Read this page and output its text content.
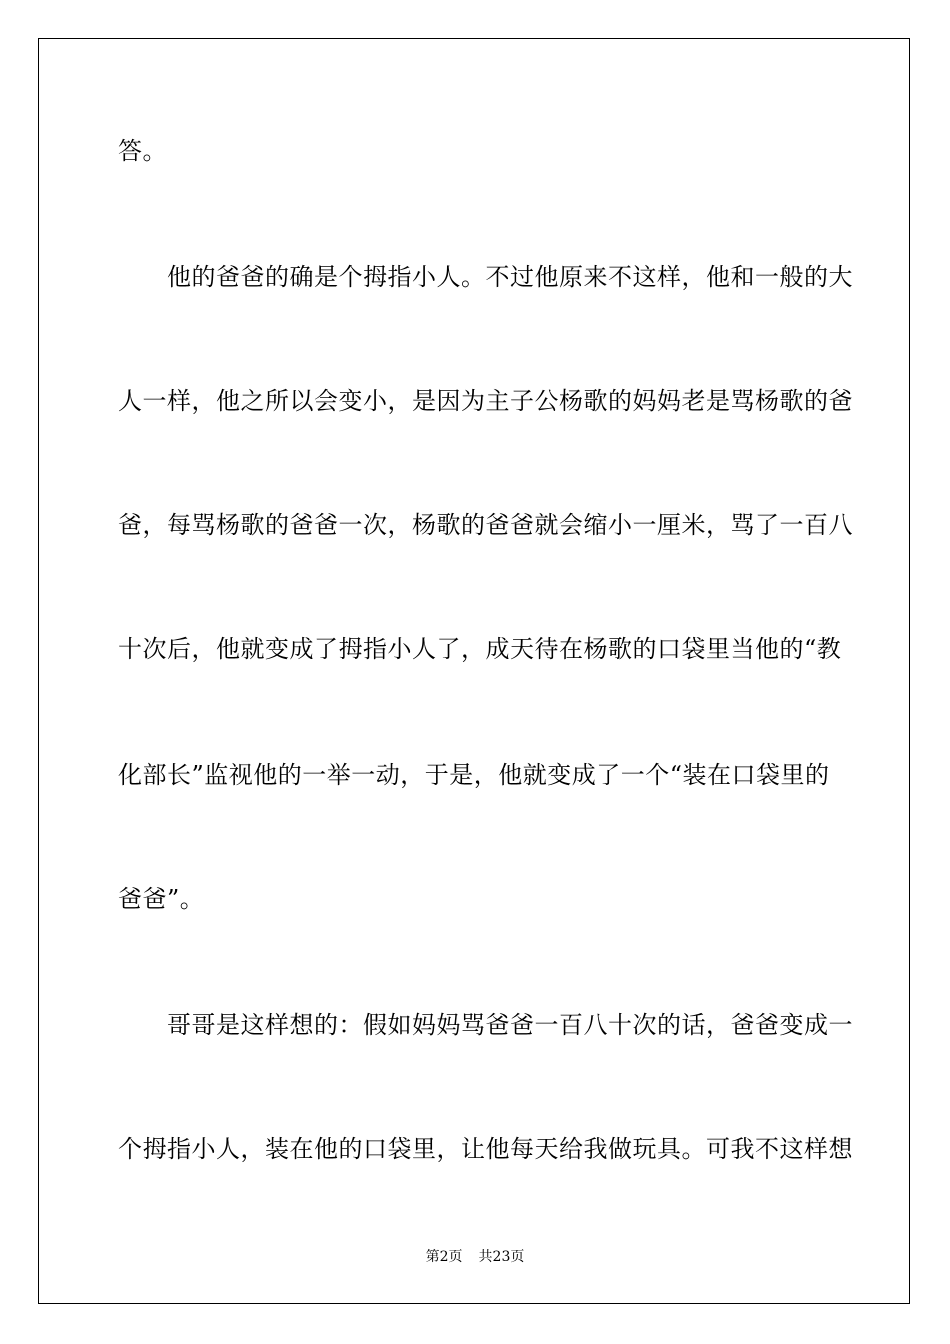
答。
　　他的爸爸的确是个拇指小人。不过他原来不这样，他和一般的大
人一样，他之所以会变小，是因为主子公杨歌的妈妈老是骂杨歌的爸
爸，每骂杨歌的爸爸一次，杨歌的爸爸就会缩小一厘米，骂了一百八
十次后，他就变成了拇指小人了，成天待在杨歌的口袋里当他的“教
化部长”监视他的一举一动，于是，他就变成了一个“装在口袋里的
爸爸”。
　　哥哥是这样想的：假如妈妈骂爸爸一百八十次的话，爸爸变成一
个拇指小人，装在他的口袋里，让他每天给我做玩具。可我不这样想
第2页 共23页
